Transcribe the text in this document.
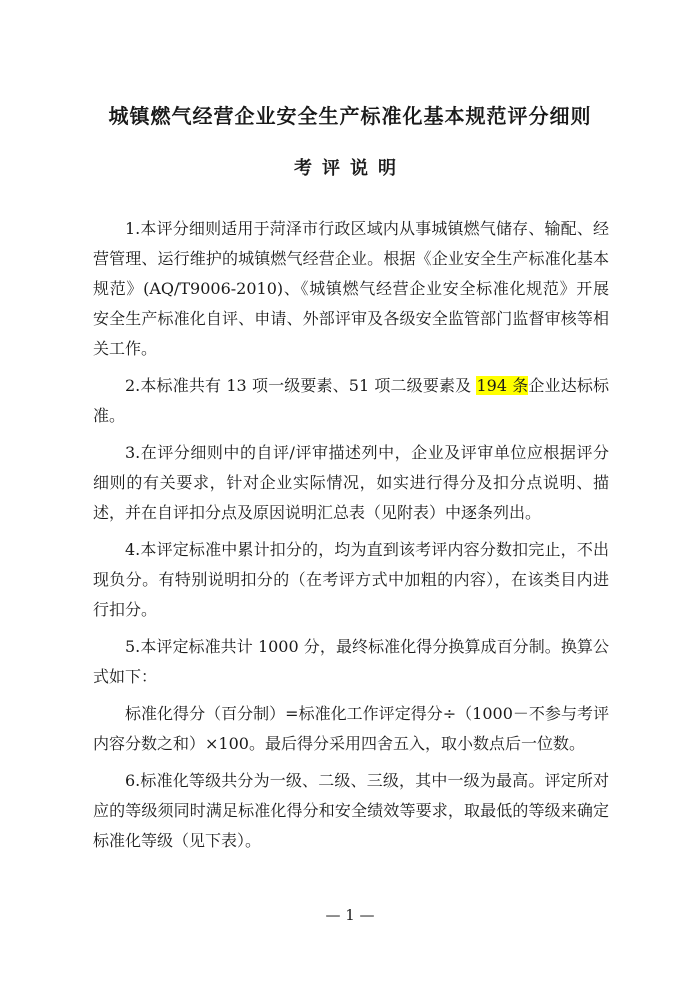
城镇燃气经营企业安全生产标准化基本规范评分细则
考评说明

1.本评分细则适用于菏泽市行政区域内从事城镇燃气储存、输配、经营管理、运行维护的城镇燃气经营企业。根据《企业安全生产标准化基本规范》(AQ/T9006-2010)、《城镇燃气经营企业安全标准化规范》开展安全生产标准化自评、申请、外部评审及各级安全监管部门监督审核等相关工作。

2.本标准共有 13 项一级要素、51 项二级要素及 194 条企业达标标准。

3.在评分细则中的自评/评审描述列中，企业及评审单位应根据评分细则的有关要求，针对企业实际情况，如实进行得分及扣分点说明、描述，并在自评扣分点及原因说明汇总表（见附表）中逐条列出。

4.本评定标准中累计扣分的，均为直到该考评内容分数扣完止，不出现负分。有特别说明扣分的（在考评方式中加粗的内容），在该类目内进行扣分。

5.本评定标准共计 1000 分，最终标准化得分换算成百分制。换算公式如下：

标准化得分（百分制）=标准化工作评定得分÷（1000－不参与考评内容分数之和）×100。最后得分采用四舍五入，取小数点后一位数。

6.标准化等级共分为一级、二级、三级，其中一级为最高。评定所对应的等级须同时满足标准化得分和安全绩效等要求，取最低的等级来确定标准化等级（见下表）。

— 1 —
